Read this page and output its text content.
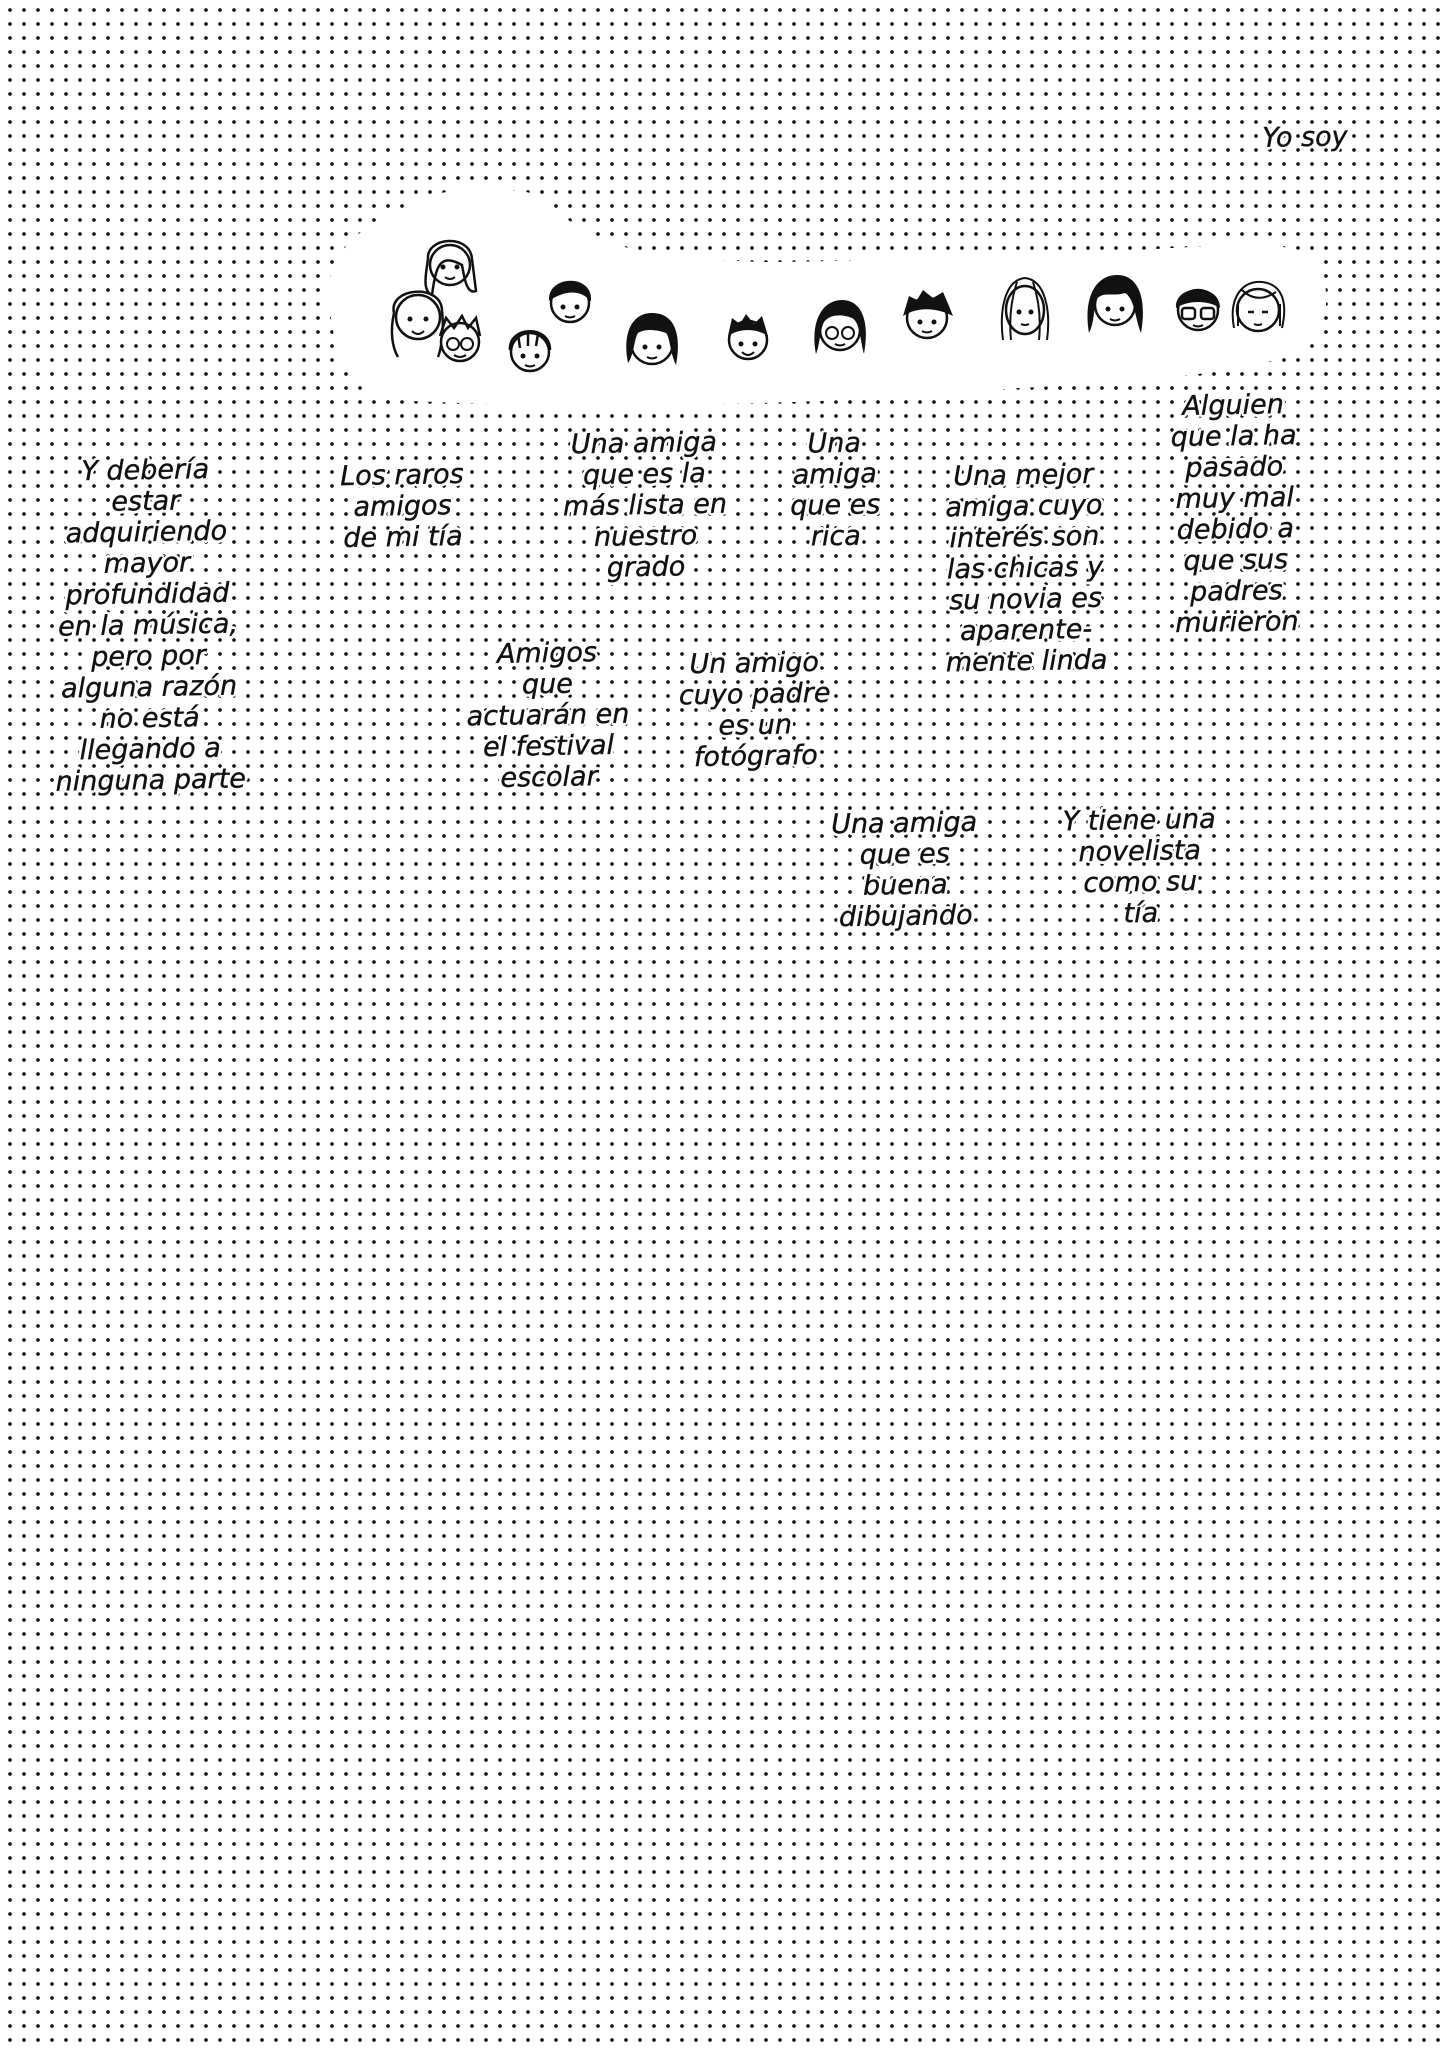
Yo soy
Y debería
estar
adquiriendo
mayor
profundidad
en la música,
pero por
alguna razón
no está
llegando a
ninguna parte
Los raros
amigos
de mi tía
Una amiga
que es la
más lista en
nuestro
grado
Una
amiga
que es
rica
Una mejor
amiga cuyo
interés son
las chicas y
su novia es
aparente-
mente linda
Alguien
que la ha
pasado
muy mal
debido a
que sus
padres
murieron
Amigos
que
actuarán en
el festival
escolar
Un amigo
cuyo padre
es un
fotógrafo
Una amiga
que es
buena
dibujando
Y tiene una
novelista
como su
tía
